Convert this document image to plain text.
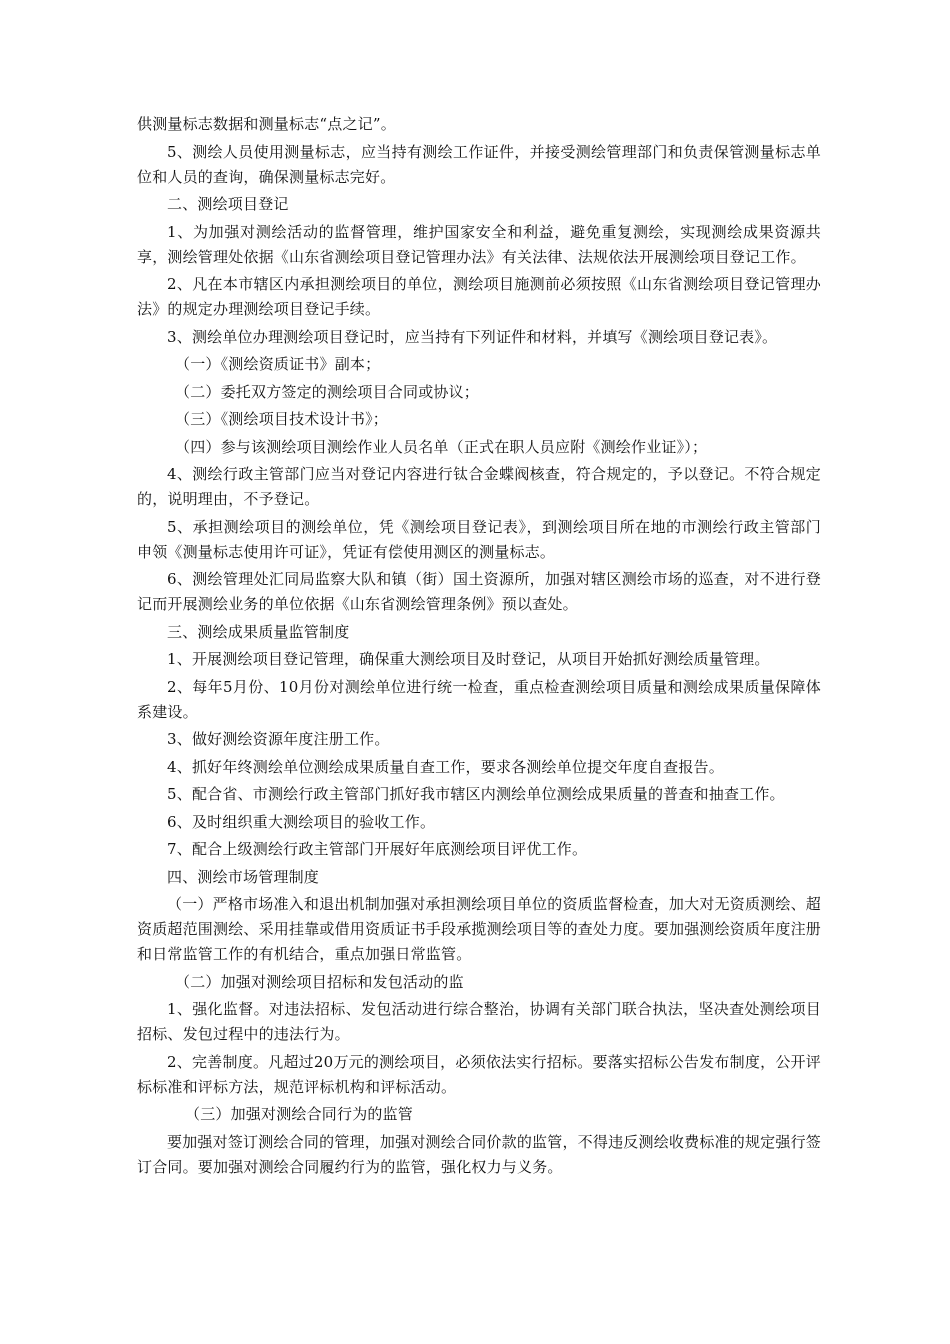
供测量标志数据和测量标志“点之记”。

5、测绘人员使用测量标志，应当持有测绘工作证件，并接受测绘管理部门和负责保管测量标志单位和人员的查询，确保测量标志完好。

二、测绘项目登记

1、为加强对测绘活动的监督管理，维护国家安全和利益，避免重复测绘，实现测绘成果资源共享，测绘管理处依据《山东省测绘项目登记管理办法》有关法律、法规依法开展测绘项目登记工作。

2、凡在本市辖区内承担测绘项目的单位，测绘项目施测前必须按照《山东省测绘项目登记管理办法》的规定办理测绘项目登记手续。

3、测绘单位办理测绘项目登记时，应当持有下列证件和材料，并填写《测绘项目登记表》。

（一）《测绘资质证书》副本；

（二）委托双方签定的测绘项目合同或协议；

（三）《测绘项目技术设计书》；

（四）参与该测绘项目测绘作业人员名单（正式在职人员应附《测绘作业证》）；

4、测绘行政主管部门应当对登记内容进行钛合金蝶阀核查，符合规定的，予以登记。不符合规定的，说明理由，不予登记。

5、承担测绘项目的测绘单位，凭《测绘项目登记表》，到测绘项目所在地的市测绘行政主管部门申领《测量标志使用许可证》，凭证有偿使用测区的测量标志。

6、测绘管理处汇同局监察大队和镇（街）国土资源所，加强对辖区测绘市场的巡查，对不进行登记而开展测绘业务的单位依据《山东省测绘管理条例》预以查处。

三、测绘成果质量监管制度

1、开展测绘项目登记管理，确保重大测绘项目及时登记，从项目开始抓好测绘质量管理。

2、每年5月份、10月份对测绘单位进行统一检查，重点检查测绘项目质量和测绘成果质量保障体系建设。

3、做好测绘资源年度注册工作。

4、抓好年终测绘单位测绘成果质量自查工作，要求各测绘单位提交年度自查报告。

5、配合省、市测绘行政主管部门抓好我市辖区内测绘单位测绘成果质量的普查和抽查工作。

6、及时组织重大测绘项目的验收工作。

7、配合上级测绘行政主管部门开展好年底测绘项目评优工作。

四、测绘市场管理制度

（一）严格市场准入和退出机制加强对承担测绘项目单位的资质监督检查，加大对无资质测绘、超资质超范围测绘、采用挂靠或借用资质证书手段承揽测绘项目等的查处力度。要加强测绘资质年度注册和日常监管工作的有机结合，重点加强日常监管。

（二）加强对测绘项目招标和发包活动的监

1、强化监督。对违法招标、发包活动进行综合整治，协调有关部门联合执法，坚决查处测绘项目招标、发包过程中的违法行为。

2、完善制度。凡超过20万元的测绘项目，必须依法实行招标。要落实招标公告发布制度，公开评标标准和评标方法，规范评标机构和评标活动。

（三）加强对测绘合同行为的监管

要加强对签订测绘合同的管理，加强对测绘合同价款的监管，不得违反测绘收费标准的规定强行签订合同。要加强对测绘合同履约行为的监管，强化权力与义务。
